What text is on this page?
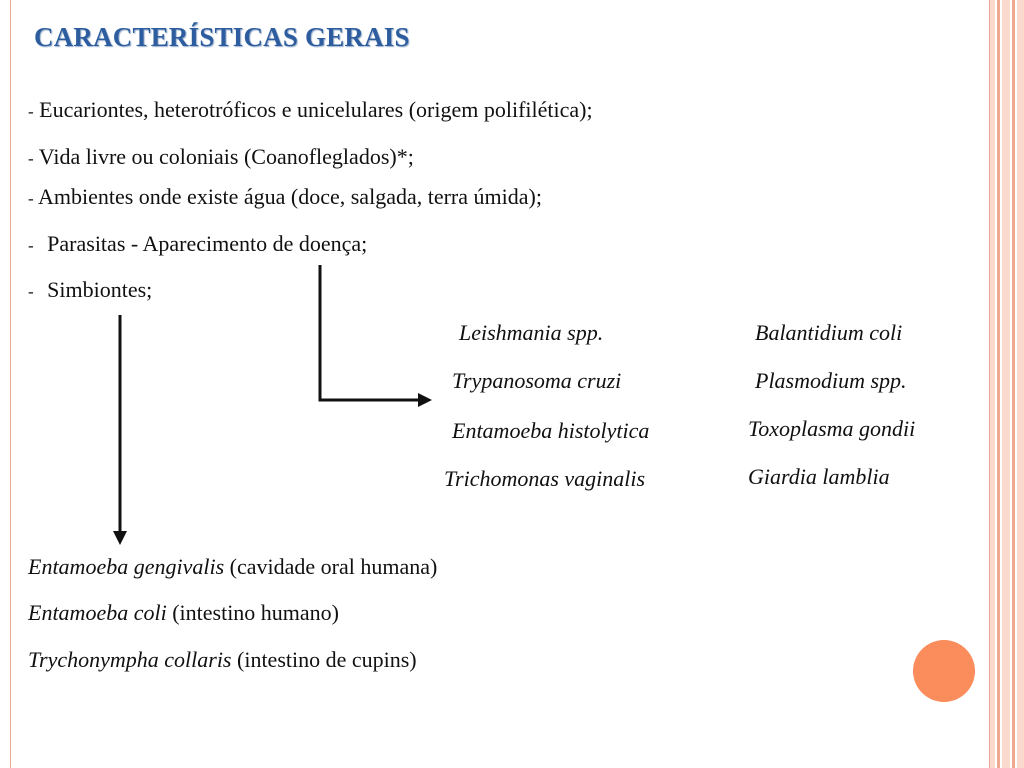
CARACTERÍSTICAS GERAIS
- Eucariontes, heterotróficos e unicelulares (origem polifilética);
- Vida livre ou coloniais (Coanofleglados)*;
- Ambientes onde existe água (doce, salgada, terra úmida);
- Parasitas - Aparecimento de doença;
- Simbiontes;
Leishmania spp.
Trypanosoma cruzi
Entamoeba histolytica
Trichomonas vaginalis
Balantidium coli
Plasmodium spp.
Toxoplasma gondii
Giardia lamblia
Entamoeba gengivalis (cavidade oral humana)
Entamoeba coli (intestino humano)
Trychonympha collaris (intestino de cupins)
